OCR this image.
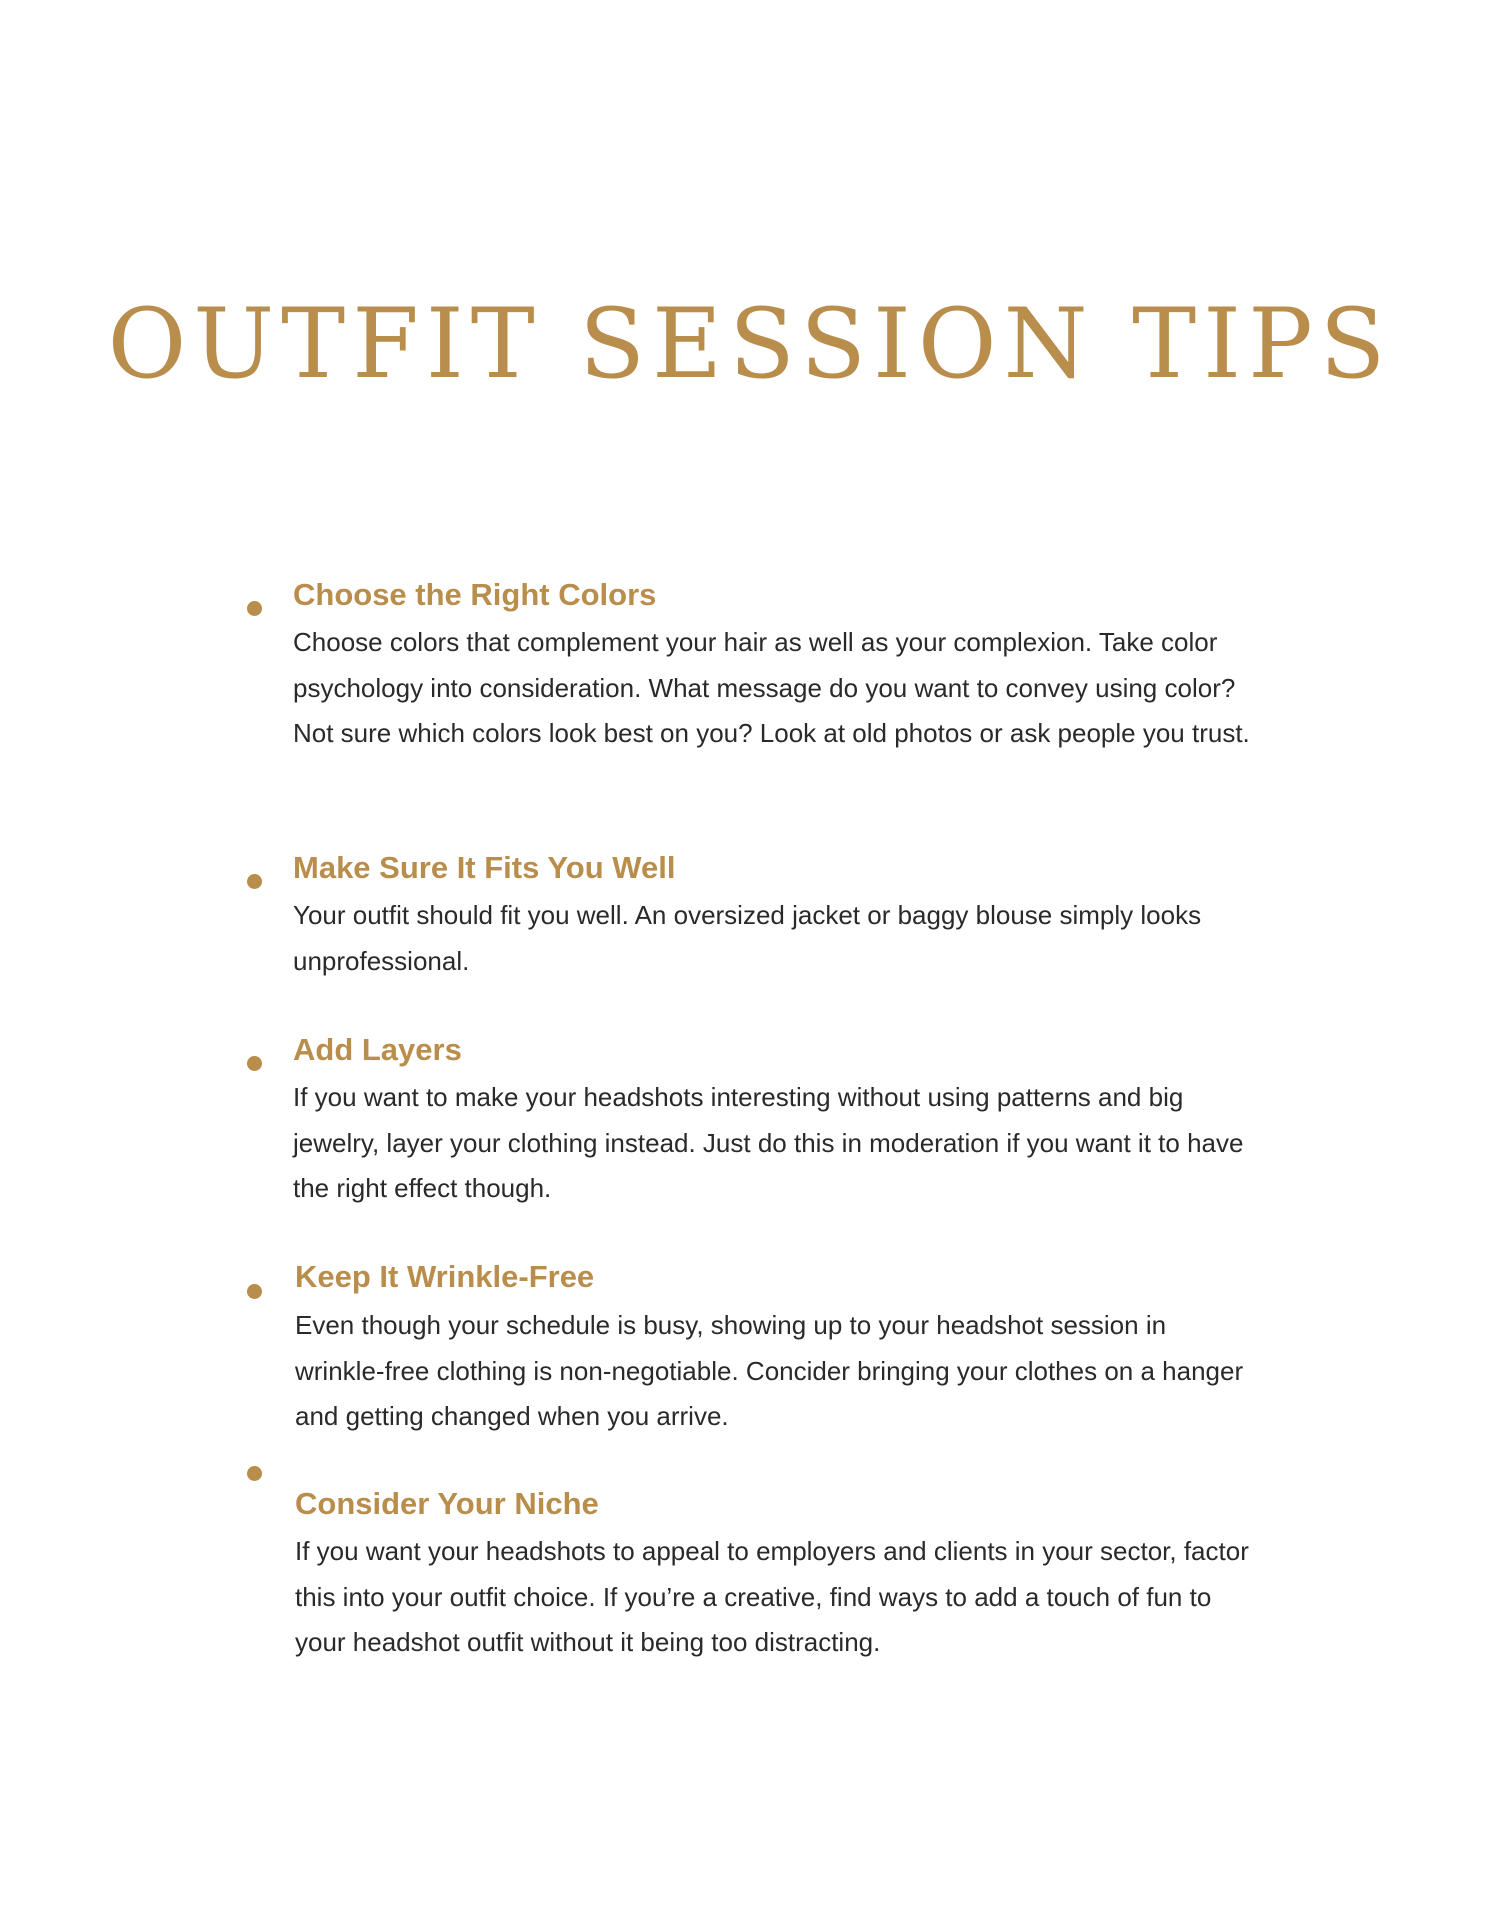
OUTFIT SESSION TIPS
Choose the Right Colors

Choose colors that complement your hair as well as your complexion. Take color psychology into consideration. What message do you want to convey using color? Not sure which colors look best on you? Look at old photos or ask people you trust.

Make Sure It Fits You Well

Your outfit should fit you well. An oversized jacket or baggy blouse simply looks unprofessional.

Add Layers

If you want to make your headshots interesting without using patterns and big jewelry, layer your clothing instead. Just do this in moderation if you want it to have the right effect though.

Keep It Wrinkle-Free

Even though your schedule is busy, showing up to your headshot session in wrinkle-free clothing is non-negotiable. Concider bringing your clothes on a hanger and getting changed when you arrive.

Consider Your Niche

If you want your headshots to appeal to employers and clients in your sector, factor this into your outfit choice. If you’re a creative, find ways to add a touch of fun to your headshot outfit without it being too distracting.
